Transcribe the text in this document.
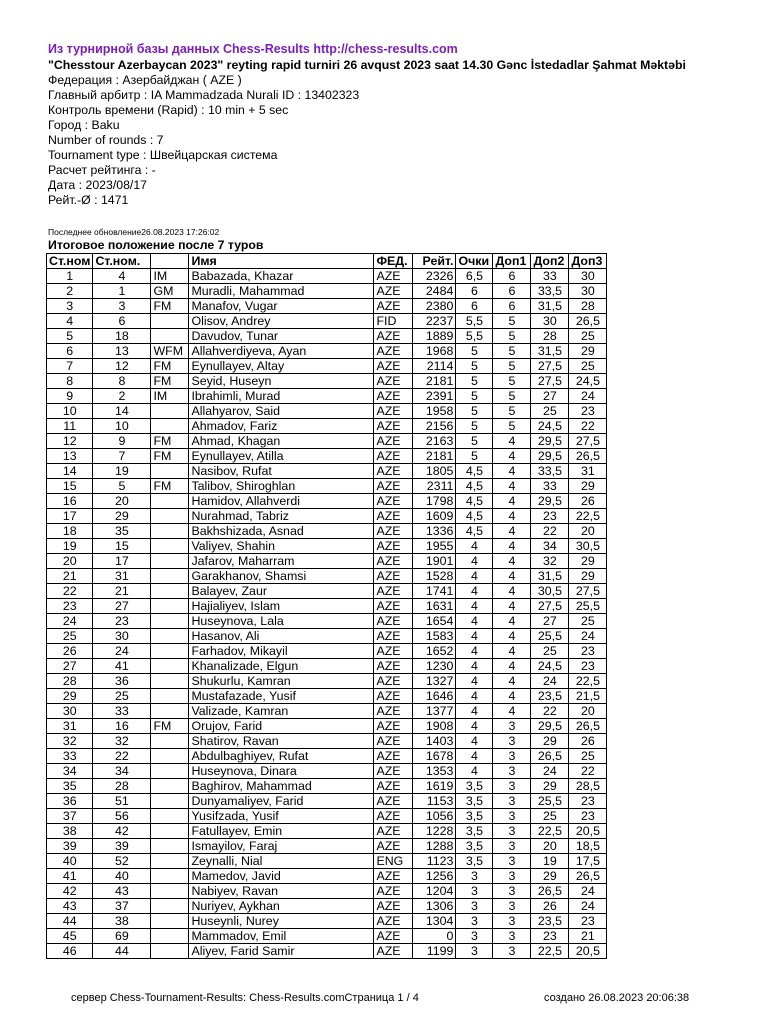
Из турнирной базы данных Chess-Results http://chess-results.com
"Chesstour Azerbaycan 2023" reyting rapid turniri 26 avqust 2023 saat 14.30 Gənc İstedadlar Şahmat Məktəbi
Федерация : Азербайджан ( AZE )
Главный арбитр : IA Mammadzada Nurali ID : 13402323
Контроль времени (Rapid) : 10 min + 5 sec
Город : Baku
Number of rounds : 7
Tournament type : Швейцарская система
Расчет рейтинга : -
Дата : 2023/08/17
Рейт.-Ø : 1471
Последнее обновление26.08.2023 17:26:02
Итоговое положение после 7 туров
Ст.ном	Ст.ном.		Имя	ФЕД.	Рейт.	Очки	Доп1	Доп2	Доп3
1	4	IM	Babazada, Khazar	AZE	2326	6,5	6	33	30
2	1	GM	Muradli, Mahammad	AZE	2484	6	6	33,5	30
3	3	FM	Manafov, Vugar	AZE	2380	6	6	31,5	28
4	6		Olisov, Andrey	FID	2237	5,5	5	30	26,5
5	18		Davudov, Tunar	AZE	1889	5,5	5	28	25
6	13	WFM	Allahverdiyeva, Ayan	AZE	1968	5	5	31,5	29
7	12	FM	Eynullayev, Altay	AZE	2114	5	5	27,5	25
8	8	FM	Seyid, Huseyn	AZE	2181	5	5	27,5	24,5
9	2	IM	Ibrahimli, Murad	AZE	2391	5	5	27	24
10	14		Allahyarov, Said	AZE	1958	5	5	25	23
11	10		Ahmadov, Fariz	AZE	2156	5	5	24,5	22
12	9	FM	Ahmad, Khagan	AZE	2163	5	4	29,5	27,5
13	7	FM	Eynullayev, Atilla	AZE	2181	5	4	29,5	26,5
14	19		Nasibov, Rufat	AZE	1805	4,5	4	33,5	31
15	5	FM	Talibov, Shiroghlan	AZE	2311	4,5	4	33	29
16	20		Hamidov, Allahverdi	AZE	1798	4,5	4	29,5	26
17	29		Nurahmad, Tabriz	AZE	1609	4,5	4	23	22,5
18	35		Bakhshizada, Asnad	AZE	1336	4,5	4	22	20
19	15		Valiyev, Shahin	AZE	1955	4	4	34	30,5
20	17		Jafarov, Maharram	AZE	1901	4	4	32	29
21	31		Garakhanov, Shamsi	AZE	1528	4	4	31,5	29
22	21		Balayev, Zaur	AZE	1741	4	4	30,5	27,5
23	27		Hajialiyev, Islam	AZE	1631	4	4	27,5	25,5
24	23		Huseynova, Lala	AZE	1654	4	4	27	25
25	30		Hasanov, Ali	AZE	1583	4	4	25,5	24
26	24		Farhadov, Mikayil	AZE	1652	4	4	25	23
27	41		Khanalizade, Elgun	AZE	1230	4	4	24,5	23
28	36		Shukurlu, Kamran	AZE	1327	4	4	24	22,5
29	25		Mustafazade, Yusif	AZE	1646	4	4	23,5	21,5
30	33		Valizade, Kamran	AZE	1377	4	4	22	20
31	16	FM	Orujov, Farid	AZE	1908	4	3	29,5	26,5
32	32		Shatirov, Ravan	AZE	1403	4	3	29	26
33	22		Abdulbaghiyev, Rufat	AZE	1678	4	3	26,5	25
34	34		Huseynova, Dinara	AZE	1353	4	3	24	22
35	28		Baghirov, Mahammad	AZE	1619	3,5	3	29	28,5
36	51		Dunyamaliyev, Farid	AZE	1153	3,5	3	25,5	23
37	56		Yusifzada, Yusif	AZE	1056	3,5	3	25	23
38	42		Fatullayev, Emin	AZE	1228	3,5	3	22,5	20,5
39	39		Ismayilov, Faraj	AZE	1288	3,5	3	20	18,5
40	52		Zeynalli, Nial	ENG	1123	3,5	3	19	17,5
41	40		Mamedov, Javid	AZE	1256	3	3	29	26,5
42	43		Nabiyev, Ravan	AZE	1204	3	3	26,5	24
43	37		Nuriyev, Aykhan	AZE	1306	3	3	26	24
44	38		Huseynli, Nurey	AZE	1304	3	3	23,5	23
45	69		Mammadov, Emil	AZE	0	3	3	23	21
46	44		Aliyev, Farid Samir	AZE	1199	3	3	22,5	20,5
сервер Chess-Tournament-Results: Chess-Results.comСтраница 1 / 4	создано 26.08.2023 20:06:38
